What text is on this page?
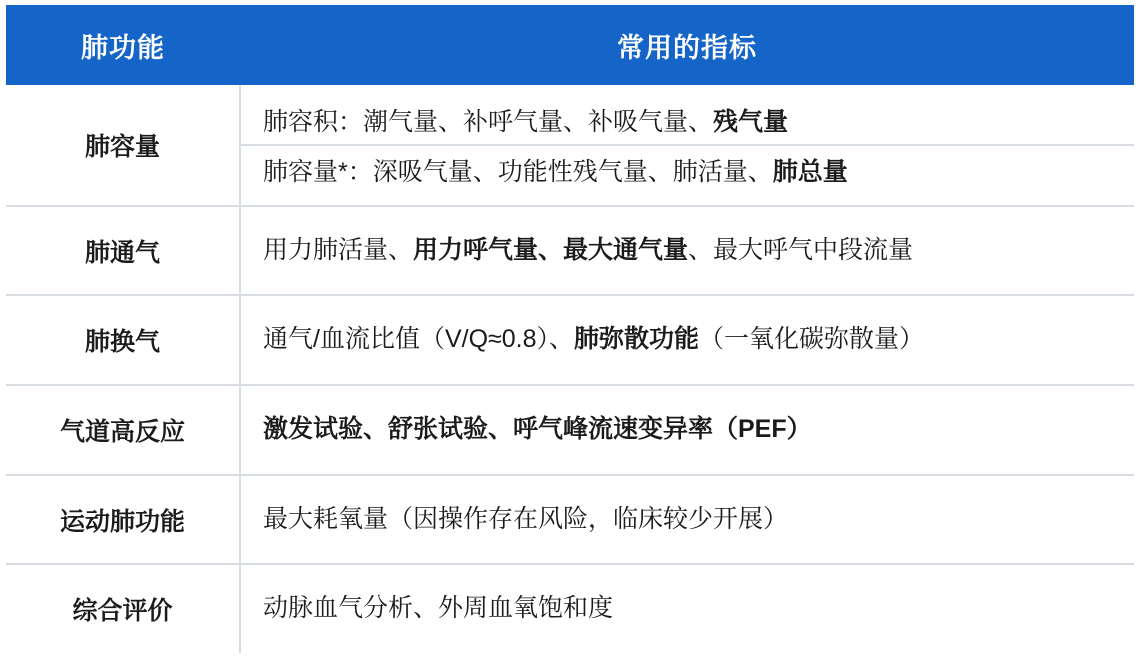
肺功能	常用的指标
肺容量	肺容积：潮气量、补呼气量、补吸气量、 残气量
肺容量*：深吸气量、功能性残气量、肺活量、 肺总量

肺通气	用力肺活量、用力呼气量、最大通气量、最大呼气中段流量
肺换气	通气/血流比值（V/Q≈0.8）、肺弥散功能（一氧化碳弥散量）
气道高反应	激发试验、舒张试验、呼气峰流速变异率（PEF）
运动肺功能	最大耗氧量（因操作存在风险，临床较少开展）
综合评价	动脉血气分析、外周血氧饱和度
